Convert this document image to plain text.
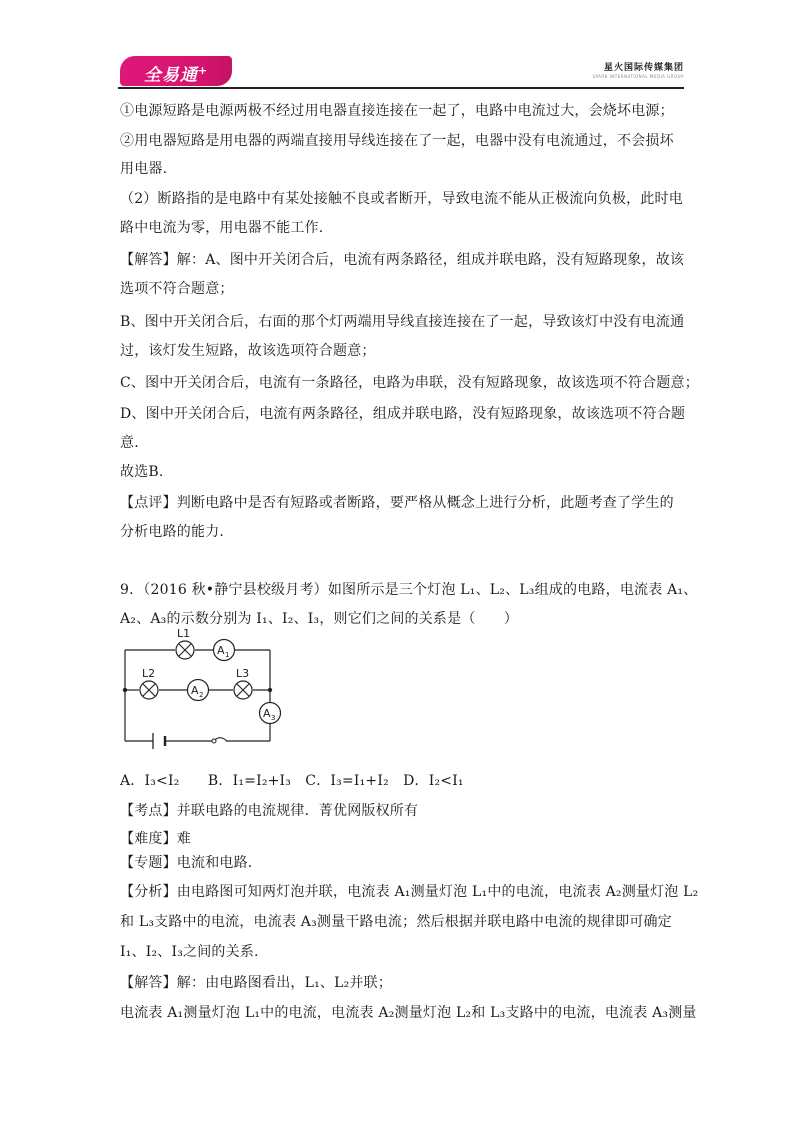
全易通+	星火国际传媒集团
SPARK INTERNATIONAL MEDIA GROUP
①电源短路是电源两极不经过用电器直接连接在一起了，电路中电流过大，会烧坏电源；
②用电器短路是用电器的两端直接用导线连接在了一起，电器中没有电流通过，不会损坏
用电器.
（2）断路指的是电路中有某处接触不良或者断开，导致电流不能从正极流向负极，此时电
路中电流为零，用电器不能工作.
【解答】解：A、图中开关闭合后，电流有两条路径，组成并联电路，没有短路现象，故该
选项不符合题意；
B、图中开关闭合后，右面的那个灯两端用导线直接连接在了一起，导致该灯中没有电流通
过，该灯发生短路，故该选项符合题意；
C、图中开关闭合后，电流有一条路径，电路为串联，没有短路现象，故该选项不符合题意；
D、图中开关闭合后，电流有两条路径，组成并联电路，没有短路现象，故该选项不符合题
意.
故选B.
【点评】判断电路中是否有短路或者断路，要严格从概念上进行分析，此题考查了学生的
分析电路的能力.
9．（2016 秋•静宁县校级月考）如图所示是三个灯泡 L₁、L₂、L₃组成的电路，电流表 A₁、
A₂、A₃的示数分别为 I₁、I₂、I₃，则它们之间的关系是（　　）
L1
A 1
L2
A 2
L3
A 3
A．I₃<I₂　　B．I₁=I₂+I₃　C．I₃=I₁+I₂　D．I₂<I₁
【考点】并联电路的电流规律．菁优网版权所有
【难度】难
【专题】电流和电路．
【分析】由电路图可知两灯泡并联，电流表 A₁测量灯泡 L₁中的电流，电流表 A₂测量灯泡 L₂
和 L₃支路中的电流，电流表 A₃测量干路电流；然后根据并联电路中电流的规律即可确定
I₁、I₂、I₃之间的关系.
【解答】解：由电路图看出，L₁、L₂并联；
电流表 A₁测量灯泡 L₁中的电流，电流表 A₂测量灯泡 L₂和 L₃支路中的电流，电流表 A₃测量
